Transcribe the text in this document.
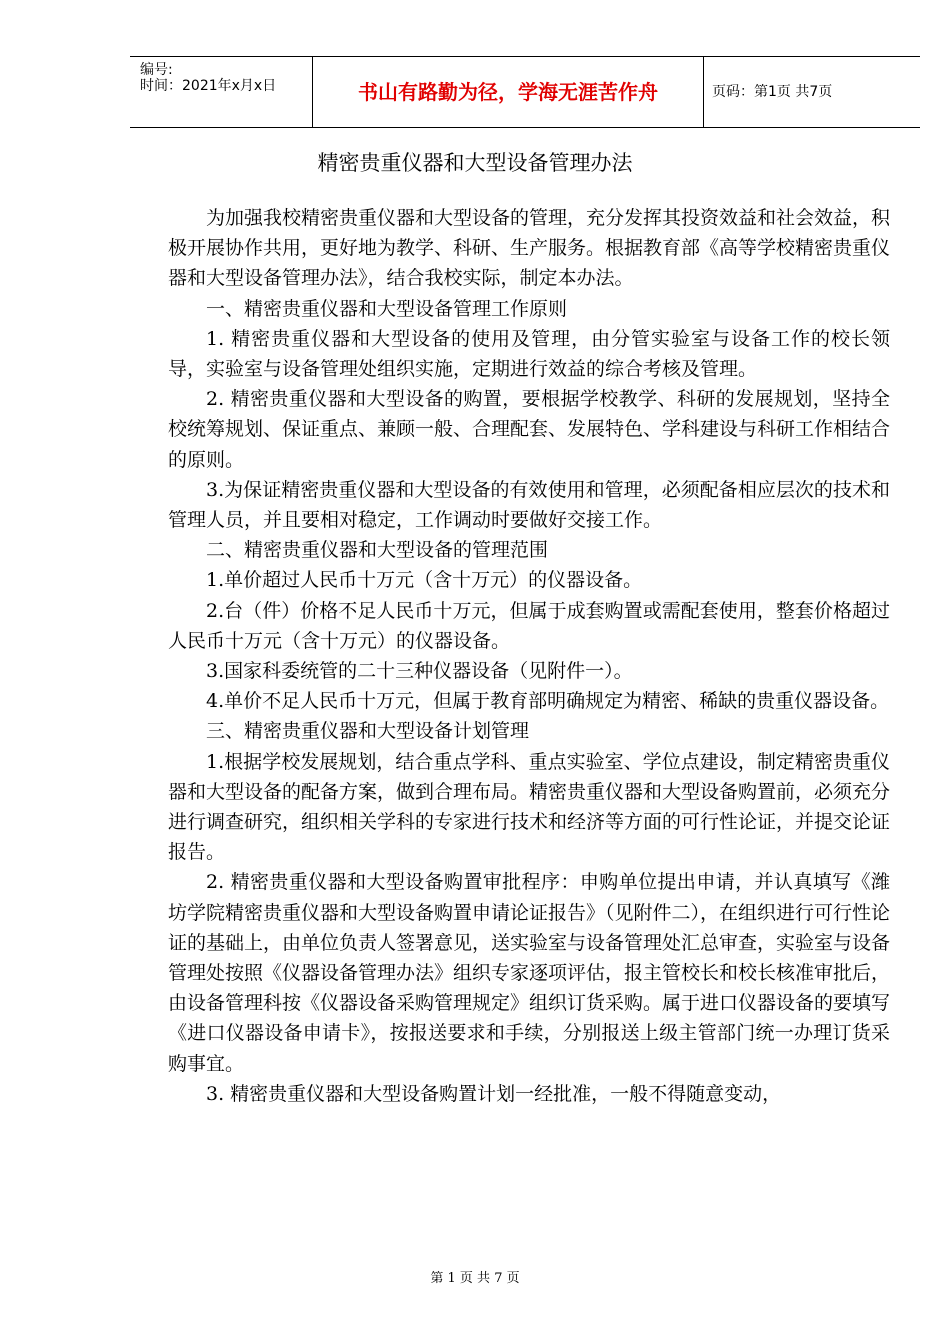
编号:
时间：2021年x月x日	书山有路勤为径，学海无涯苦作舟	页码：第1页 共7页
精密贵重仪器和大型设备管理办法

为加强我校精密贵重仪器和大型设备的管理，充分发挥其投资效益和社会效益，积极开展协作共用，更好地为教学、科研、生产服务。根据教育部《高等学校精密贵重仪器和大型设备管理办法》，结合我校实际，制定本办法。

一、精密贵重仪器和大型设备管理工作原则

1. 精密贵重仪器和大型设备的使用及管理，由分管实验室与设备工作的校长领导，实验室与设备管理处组织实施，定期进行效益的综合考核及管理。

2. 精密贵重仪器和大型设备的购置，要根据学校教学、科研的发展规划，坚持全校统筹规划、保证重点、兼顾一般、合理配套、发展特色、学科建设与科研工作相结合的原则。

3.为保证精密贵重仪器和大型设备的有效使用和管理，必须配备相应层次的技术和管理人员，并且要相对稳定，工作调动时要做好交接工作。

二、精密贵重仪器和大型设备的管理范围

1.单价超过人民币十万元（含十万元）的仪器设备。

2.台（件）价格不足人民币十万元，但属于成套购置或需配套使用，整套价格超过人民币十万元（含十万元）的仪器设备。

3.国家科委统管的二十三种仪器设备（见附件一）。

4.单价不足人民币十万元，但属于教育部明确规定为精密、稀缺的贵重仪器设备。

三、精密贵重仪器和大型设备计划管理

1.根据学校发展规划，结合重点学科、重点实验室、学位点建设，制定精密贵重仪器和大型设备的配备方案，做到合理布局。精密贵重仪器和大型设备购置前，必须充分进行调查研究，组织相关学科的专家进行技术和经济等方面的可行性论证，并提交论证报告。

2. 精密贵重仪器和大型设备购置审批程序：申购单位提出申请，并认真填写《潍坊学院精密贵重仪器和大型设备购置申请论证报告》（见附件二），在组织进行可行性论证的基础上，由单位负责人签署意见，送实验室与设备管理处汇总审查，实验室与设备管理处按照《仪器设备管理办法》组织专家逐项评估，报主管校长和校长核准审批后，由设备管理科按《仪器设备采购管理规定》组织订货采购。属于进口仪器设备的要填写《进口仪器设备申请卡》，按报送要求和手续，分别报送上级主管部门统一办理订货采购事宜。

3. 精密贵重仪器和大型设备购置计划一经批准，一般不得随意变动，

第 1 页 共 7 页
